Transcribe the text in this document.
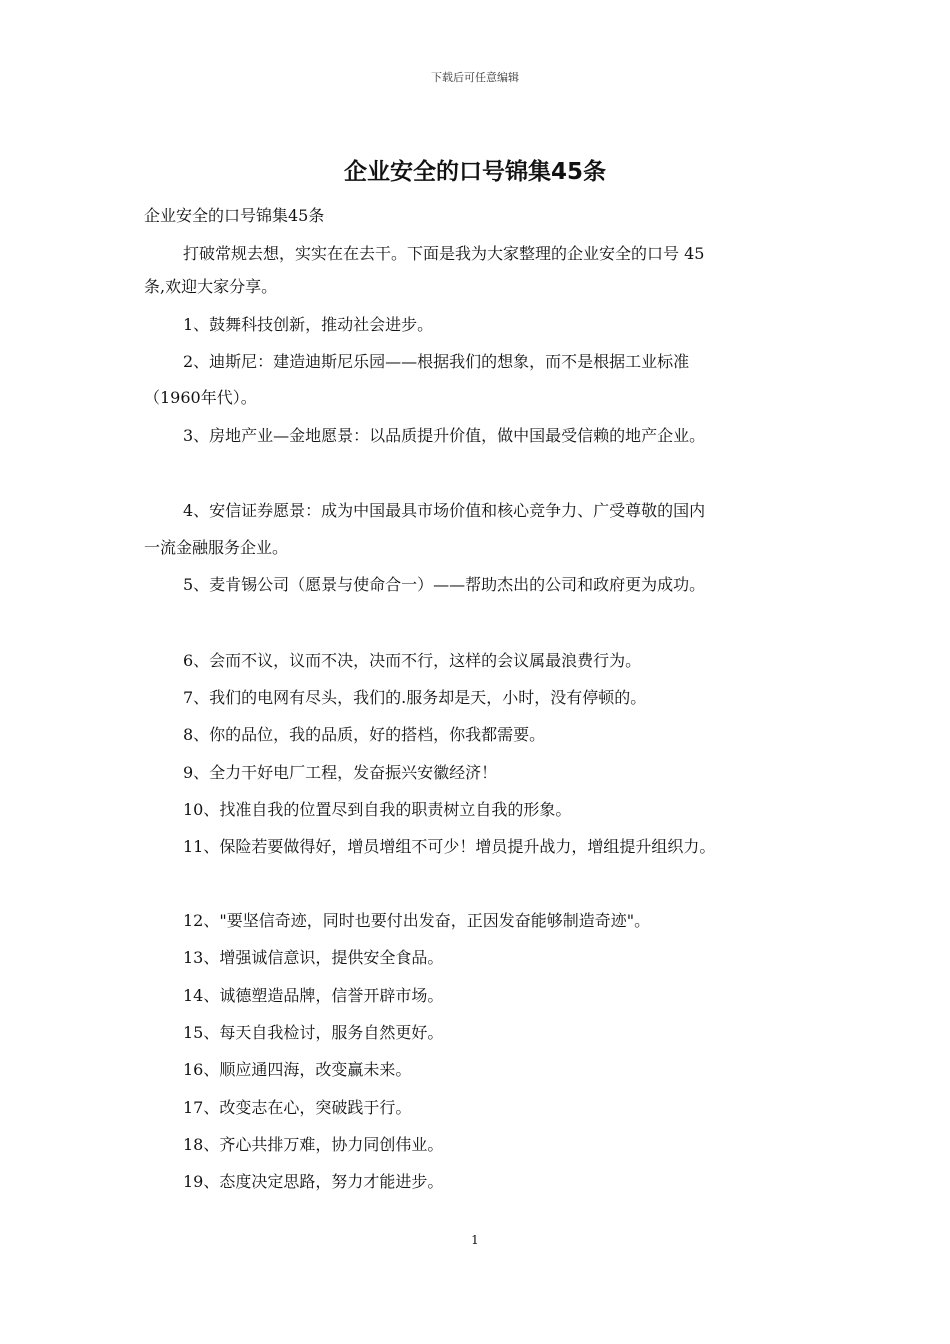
下载后可任意编辑
企业安全的口号锦集45条
企业安全的口号锦集45条
打破常规去想，实实在在去干。下面是我为大家整理的企业安全的口号 45
条,欢迎大家分享。
1、鼓舞科技创新，推动社会进步。
2、迪斯尼：建造迪斯尼乐园——根据我们的想象，而不是根据工业标准
（1960年代）。
3、房地产业—金地愿景：以品质提升价值，做中国最受信赖的地产企业。
4、安信证券愿景：成为中国最具市场价值和核心竞争力、广受尊敬的国内
一流金融服务企业。
5、麦肯锡公司（愿景与使命合一）——帮助杰出的公司和政府更为成功。
6、会而不议，议而不决，决而不行，这样的会议属最浪费行为。
7、我们的电网有尽头，我们的.服务却是天，小时，没有停顿的。
8、你的品位，我的品质，好的搭档，你我都需要。
9、全力干好电厂工程，发奋振兴安徽经济！
10、找准自我的位置尽到自我的职责树立自我的形象。
11、保险若要做得好，增员增组不可少！增员提升战力，增组提升组织力。
12、"要坚信奇迹，同时也要付出发奋，正因发奋能够制造奇迹"。
13、增强诚信意识，提供安全食品。
14、诚德塑造品牌，信誉开辟市场。
15、每天自我检讨，服务自然更好。
16、顺应通四海，改变赢未来。
17、改变志在心，突破践于行。
18、齐心共排万难，协力同创伟业。
19、态度决定思路，努力才能进步。
1
